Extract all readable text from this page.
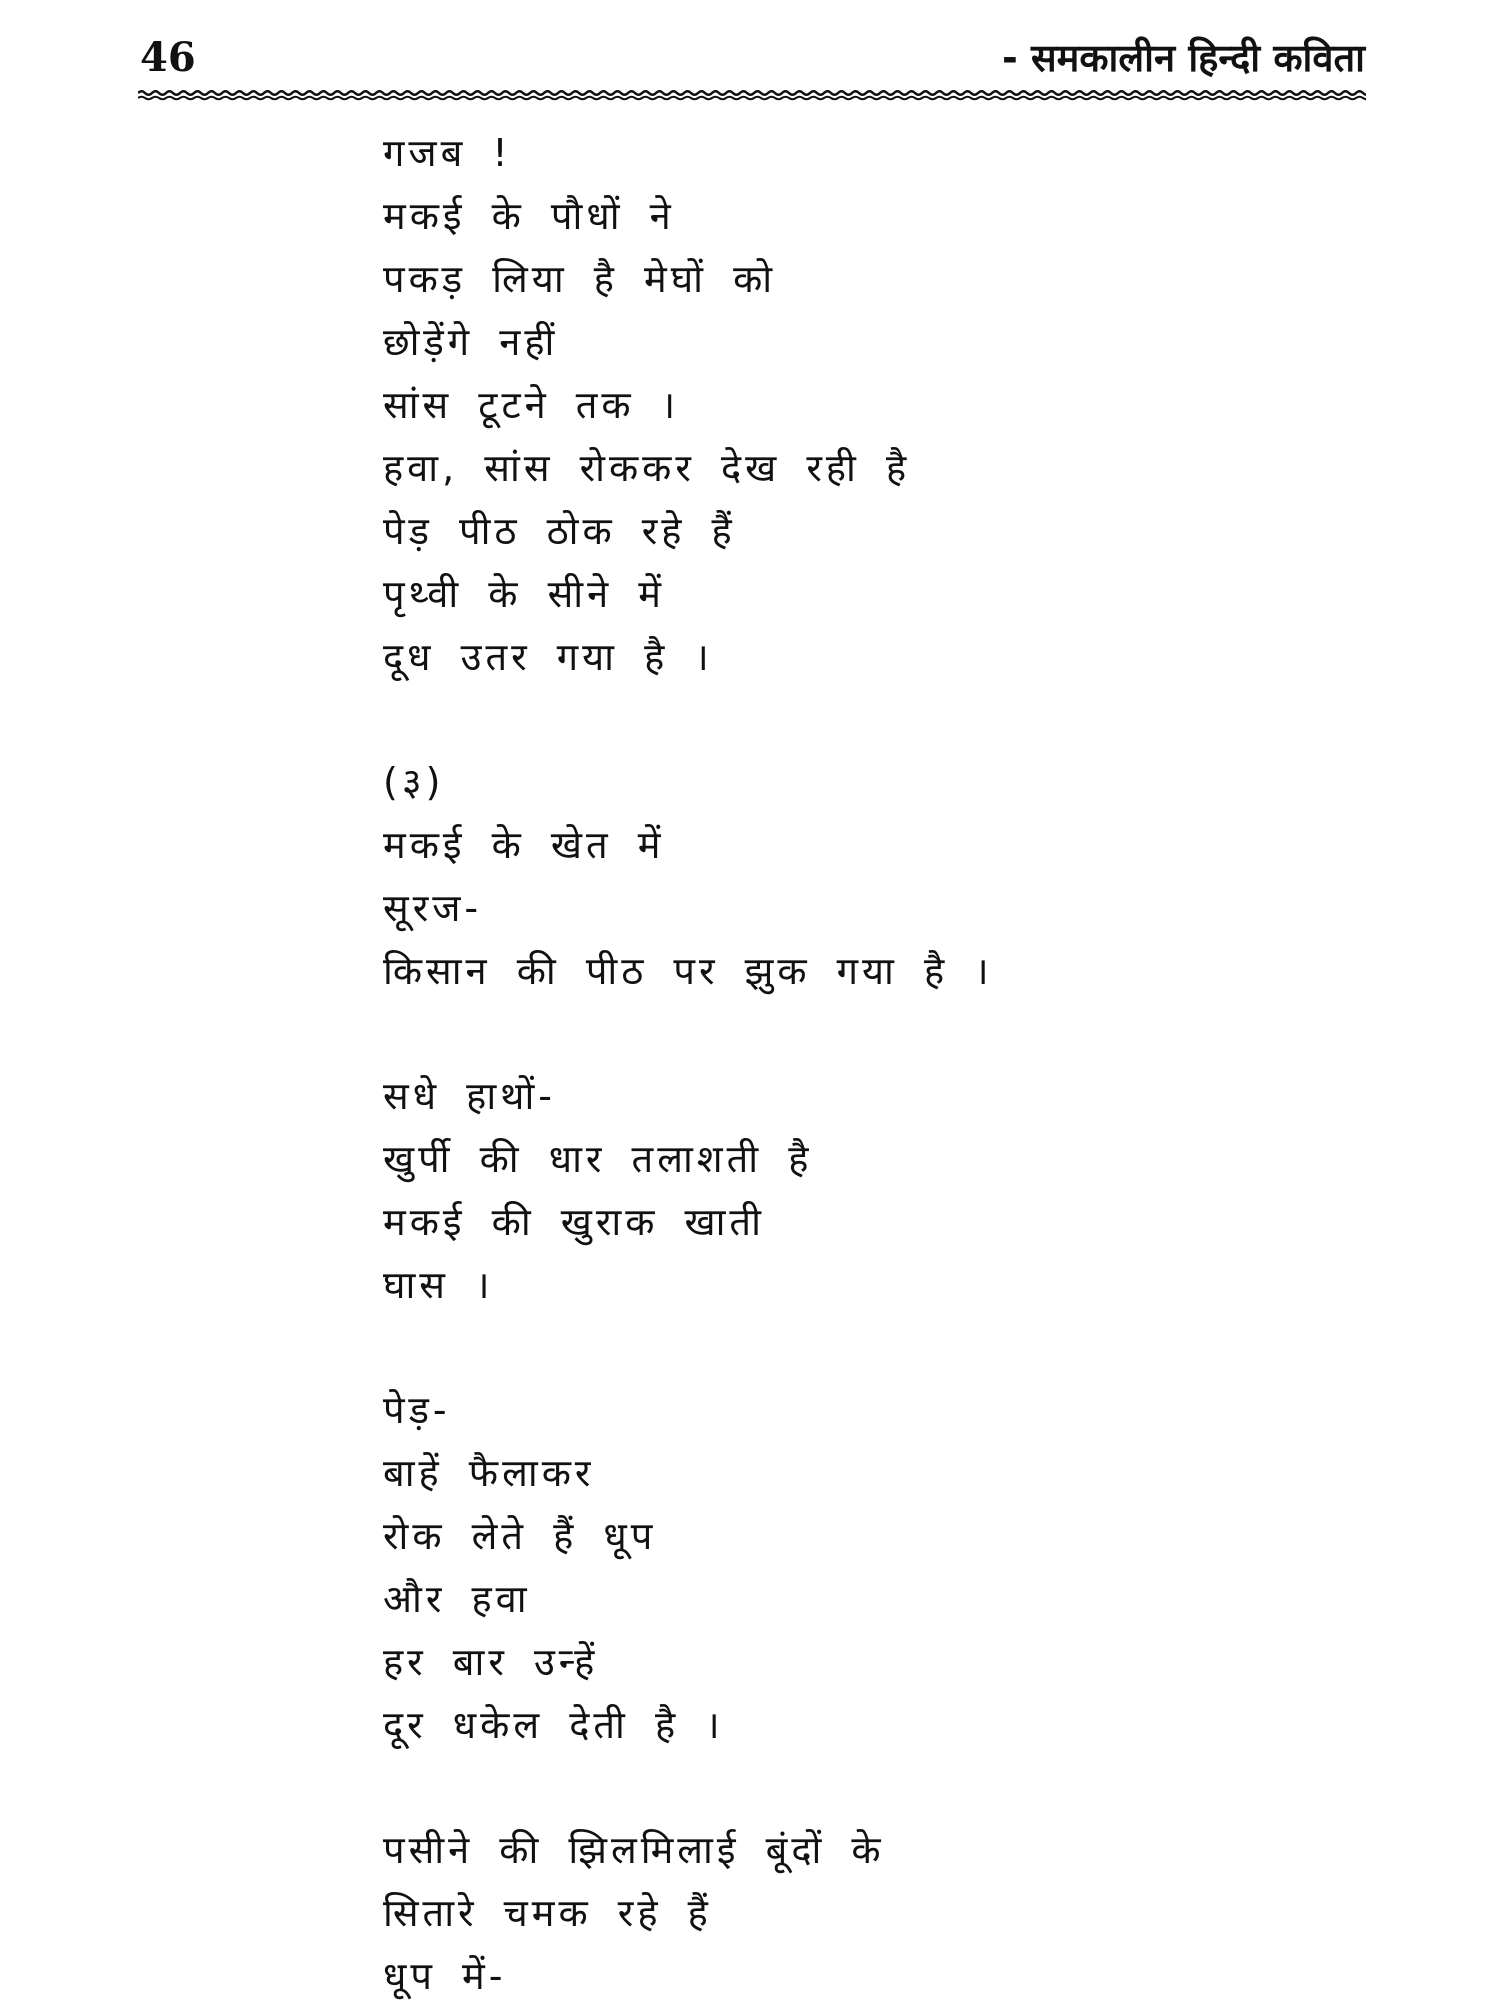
46	- समकालीन हिन्दी कविता
गजब !
मकई के पौधों ने
पकड़ लिया है मेघों को
छोड़ेंगे नहीं
सांस टूटने तक ।
हवा, सांस रोककर देख रही है
पेड़ पीठ ठोक रहे हैं
पृथ्वी के सीने में
दूध उतर गया है ।
(३)
मकई के खेत में
सूरज-
किसान की पीठ पर झुक गया है ।
सधे हाथों-
खुर्पी की धार तलाशती है
मकई की खुराक खाती
घास ।
पेड़-
बाहें फैलाकर
रोक लेते हैं धूप
और हवा
हर बार उन्हें
दूर धकेल देती है ।
पसीने की झिलमिलाई बूंदों के
सितारे चमक रहे हैं
धूप में-
